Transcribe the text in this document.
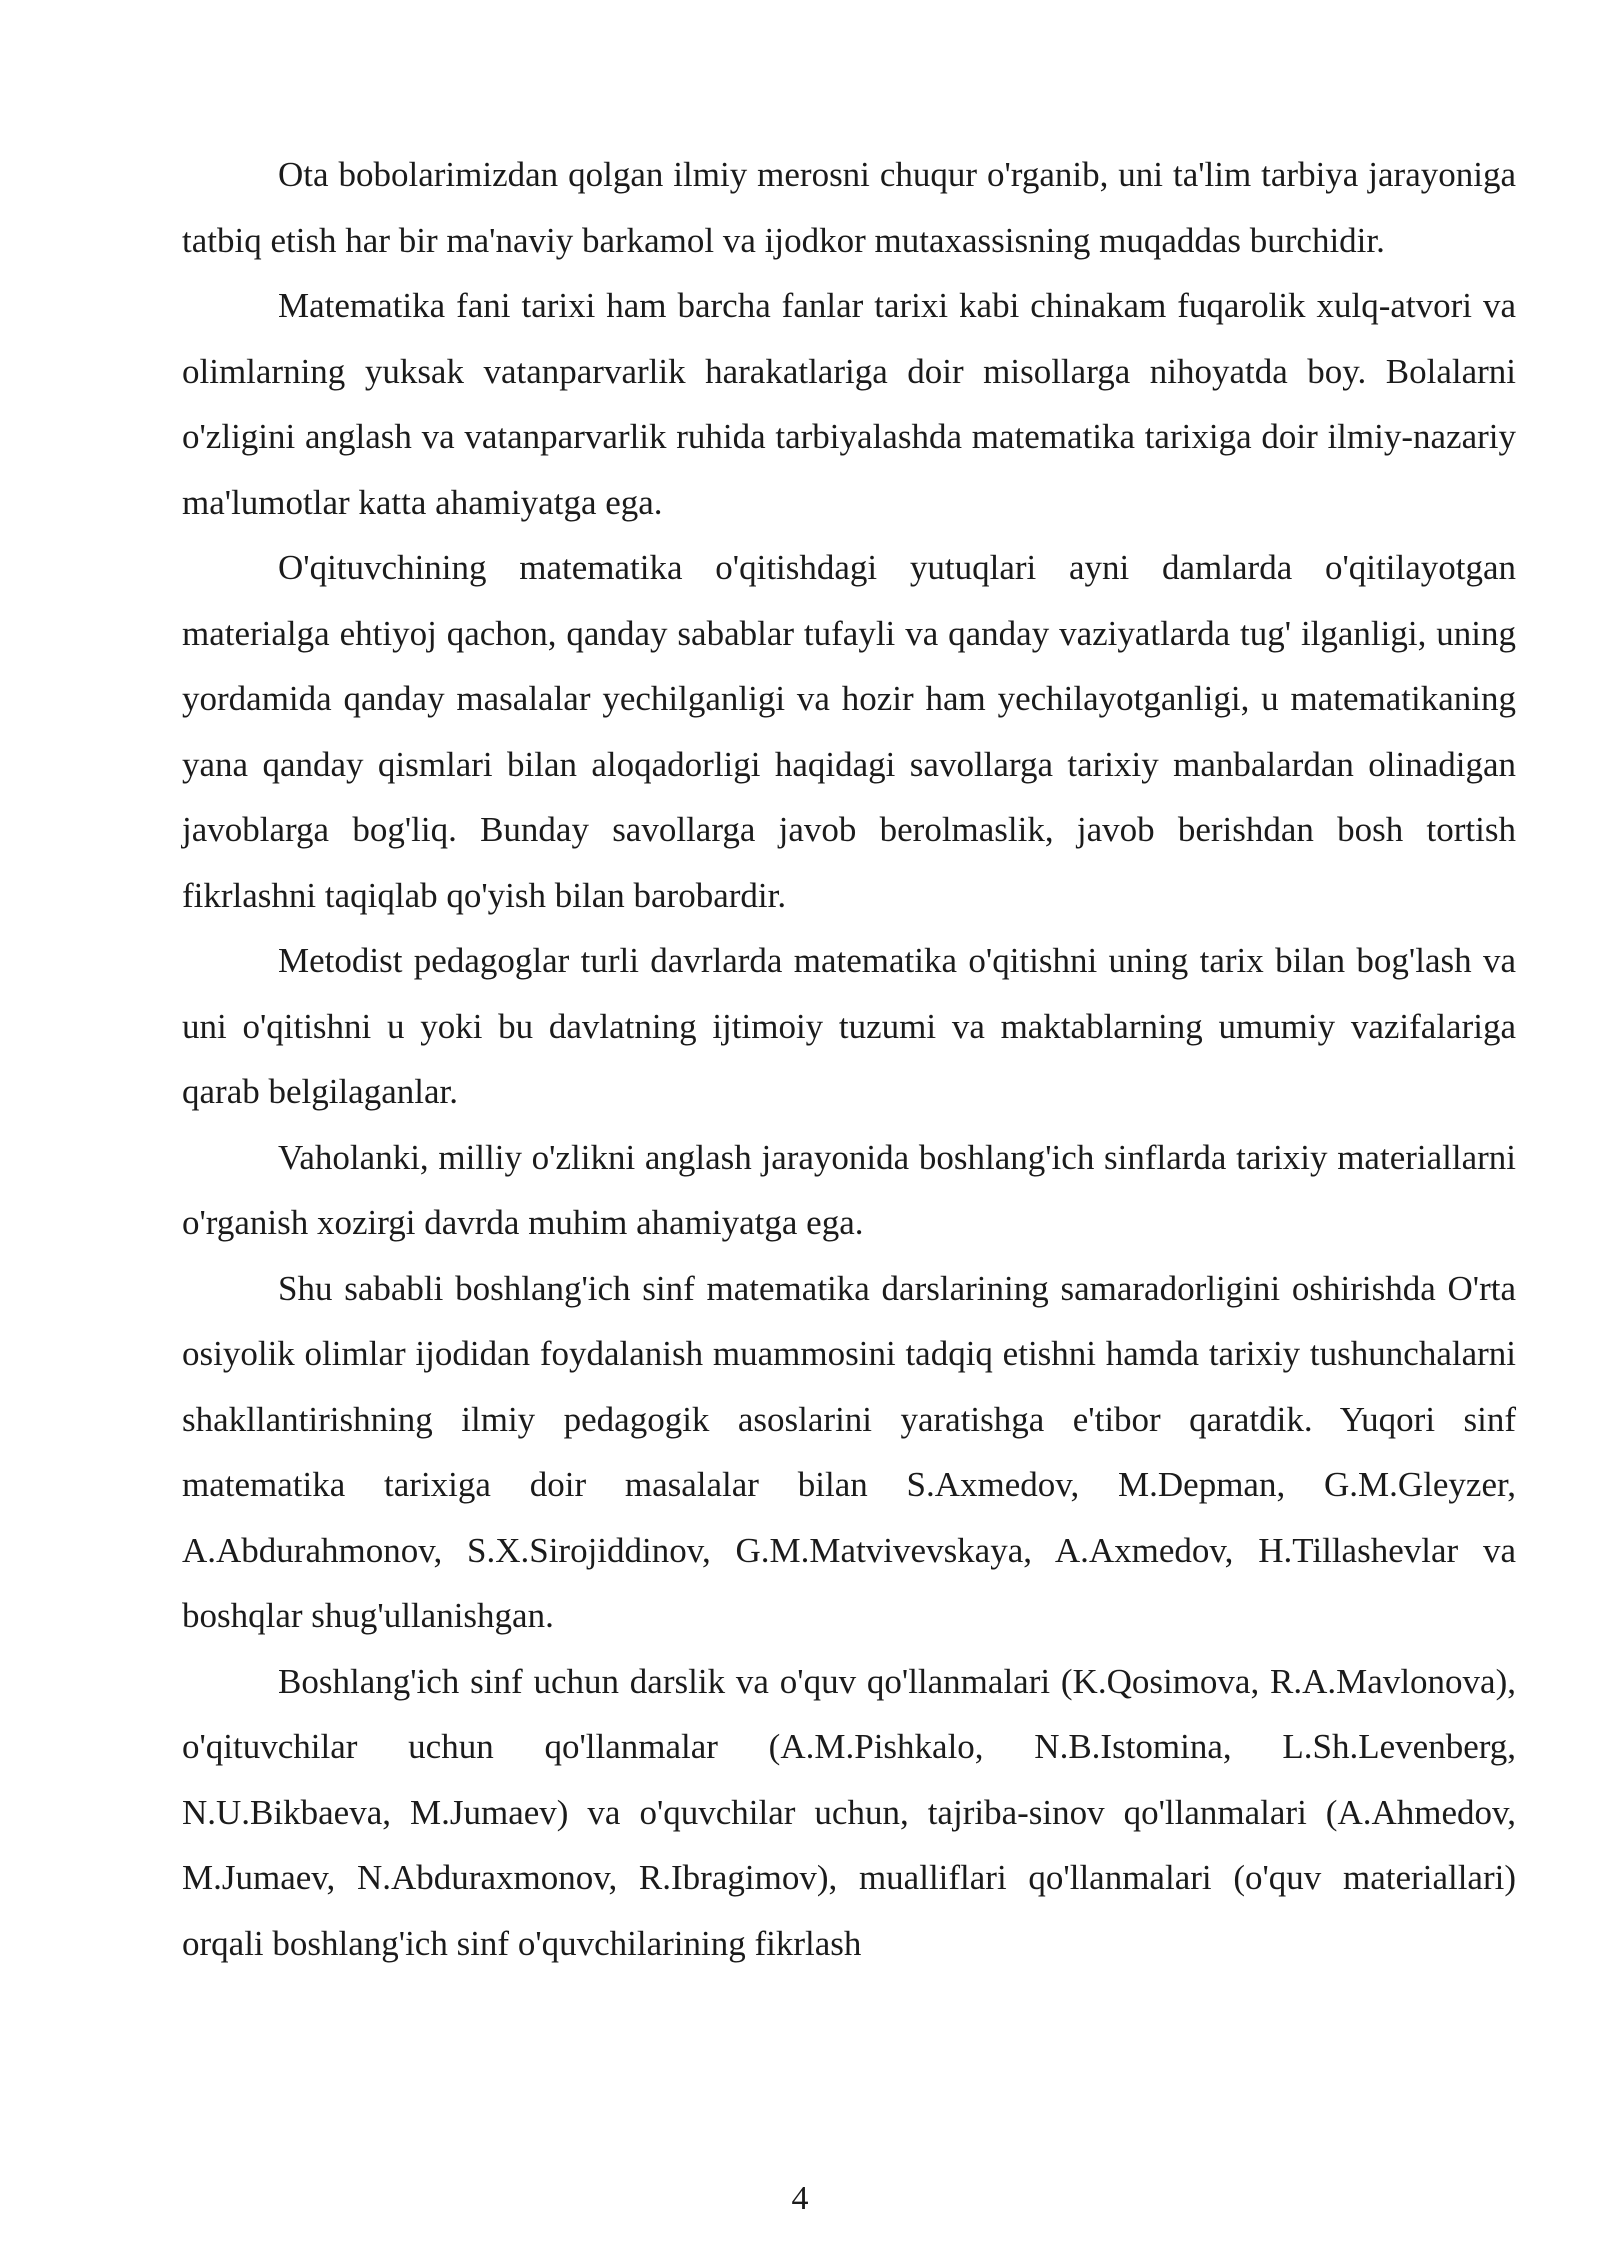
Ota bobolarimizdan qolgan ilmiy merosni chuqur o'rganib, uni ta'lim tarbiya jarayoniga tatbiq etish har bir ma'naviy barkamol va ijodkor mutaxassisning muqaddas burchidir.

Matematika fani tarixi ham barcha fanlar tarixi kabi chinakam fuqarolik xulq-atvori va olimlarning yuksak vatanparvarlik harakatlariga doir misollarga nihoyatda boy. Bolalarni o'zligini anglash va vatanparvarlik ruhida tarbiyalashda matematika tarixiga doir ilmiy-nazariy ma'lumotlar katta ahamiyatga ega.

O'qituvchining matematika o'qitishdagi yutuqlari ayni damlarda o'qitilayotgan materialga ehtiyoj qachon, qanday sabablar tufayli va qanday vaziyatlarda tug' ilganligi, uning yordamida qanday masalalar yechilganligi va hozir ham yechilayotganligi, u matematikaning yana qanday qismlari bilan aloqadorligi haqidagi savollarga tarixiy manbalardan olinadigan javoblarga bog'liq. Bunday savollarga javob berolmaslik, javob berishdan bosh tortish fikrlashni taqiqlab qo'yish bilan barobardir.

Metodist pedagoglar turli davrlarda matematika o'qitishni uning tarix bilan bog'lash va uni o'qitishni u yoki bu davlatning ijtimoiy tuzumi va maktablarning umumiy vazifalariga qarab belgilaganlar.

Vaholanki, milliy o'zlikni anglash jarayonida boshlang'ich sinflarda tarixiy materiallarni o'rganish xozirgi davrda muhim ahamiyatga ega.

Shu sababli boshlang'ich sinf matematika darslarining samaradorligini oshirishda O'rta osiyolik olimlar ijodidan foydalanish muammosini tadqiq etishni hamda tarixiy tushunchalarni shakllantirishning ilmiy pedagogik asoslarini yaratishga e'tibor qaratdik. Yuqori sinf matematika tarixiga doir masalalar bilan S.Axmedov, M.Depman, G.M.Gleyzer, A.Abdurahmonov, S.X.Sirojiddinov, G.M.Matvivevskaya, A.Axmedov, H.Tillashevlar va boshqlar shug'ullanishgan.

Boshlang'ich sinf uchun darslik va o'quv qo'llanmalari (K.Qosimova, R.A.Mavlonova), o'qituvchilar uchun qo'llanmalar (A.M.Pishkalo, N.B.Istomina, L.Sh.Levenberg, N.U.Bikbaeva, M.Jumaev) va o'quvchilar uchun, tajriba-sinov qo'llanmalari (A.Ahmedov, M.Jumaev, N.Abduraxmonov, R.Ibragimov), mualliflari qo'llanmalari (o'quv materiallari) orqali boshlang'ich sinf o'quvchilarining fikrlash

4
